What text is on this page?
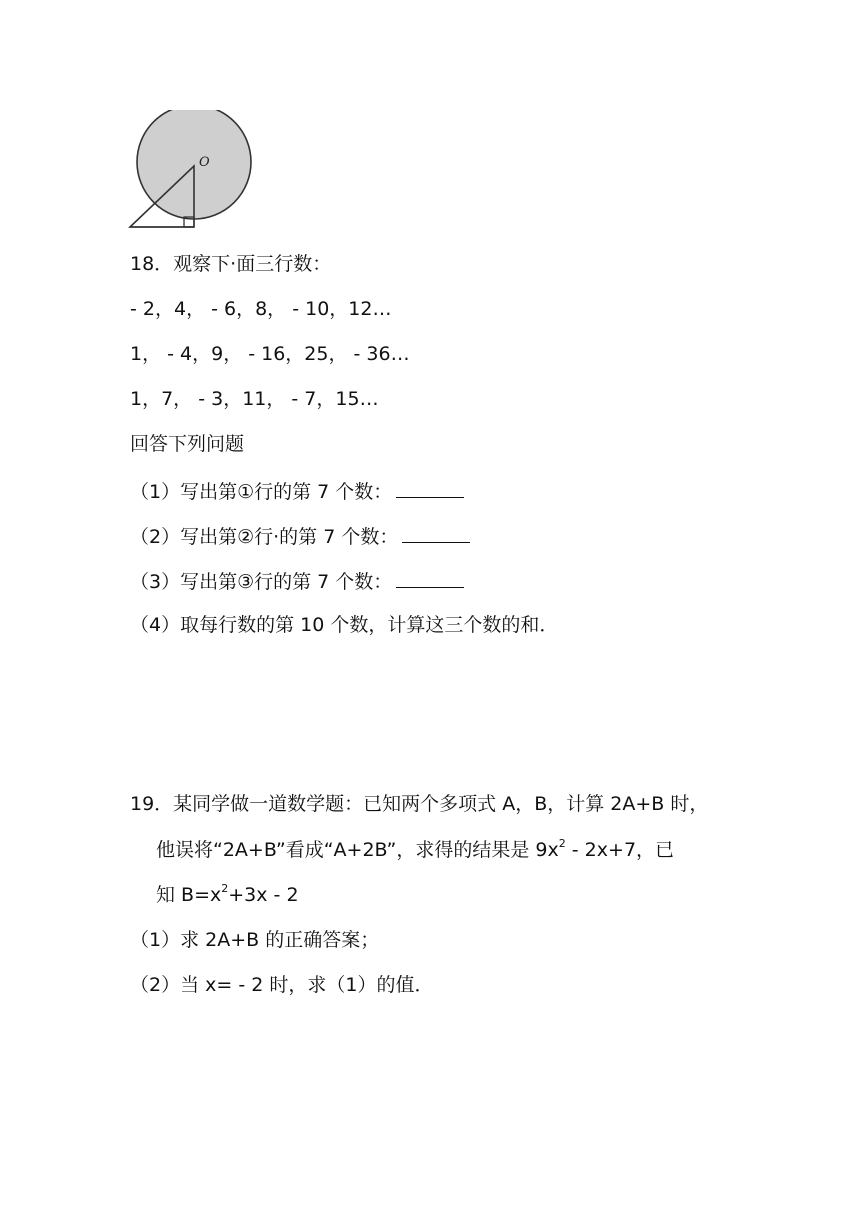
O
18．观察下‧面三行数：
- 2，4， - 6，8， - 10，12…
1， - 4，9， - 16，25， - 36…
1，7， - 3，11， - 7，15…
回答下列问题
（1）写出第①行的第 7 个数：
（2）写出第②行‧的第 7 个数：
（3）写出第③行的第 7 个数：
（4）取每行数的第 10 个数，计算这三个数的和．
19．某同学做一道数学题：已知两个多项式 A，B，计算 2A+B 时，
他误将“2A+B”看成“A+2B”，求得的结果是 $9x^2 - 2x+7$，已
知 $B=x^2+3x - 2$
（1）求 2A+B 的正确答案；
（2）当 x= - 2 时，求（1）的值．
